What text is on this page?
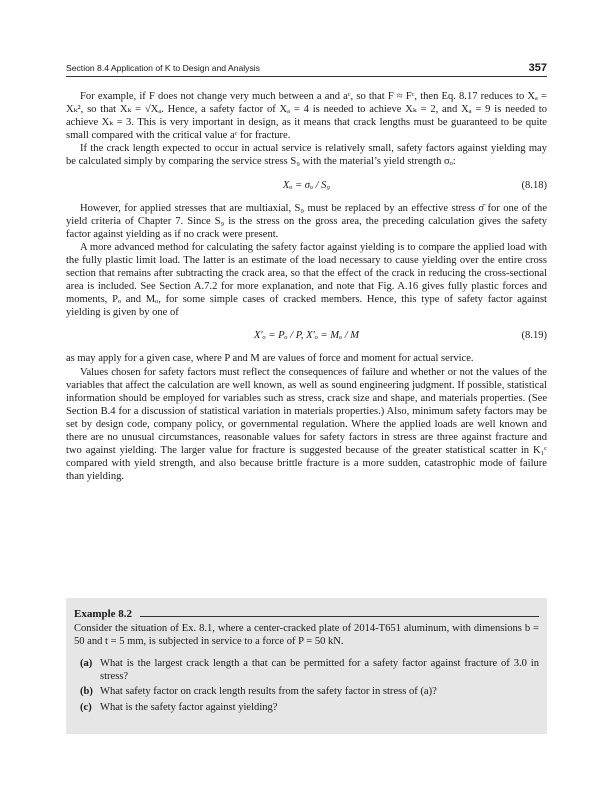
Section 8.4 Application of K to Design and Analysis	357

For example, if F does not change very much between a and aᶜ, so that F ≈ Fᶜ, then Eq. 8.17 reduces to Xₐ = Xₖ², so that Xₖ = √Xₐ. Hence, a safety factor of Xₐ = 4 is needed to achieve Xₖ = 2, and Xₐ = 9 is needed to achieve Xₖ = 3. This is very important in design, as it means that crack lengths must be guaranteed to be quite small compared with the critical value aᶜ for fracture.

If the crack length expected to occur in actual service is relatively small, safety factors against yielding may be calculated simply by comparing the service stress S₉ with the material’s yield strength σₒ:

Xₒ = σₒ / S₉	(8.18)

However, for applied stresses that are multiaxial, S₉ must be replaced by an effective stress σ̄ for one of the yield criteria of Chapter 7. Since S₉ is the stress on the gross area, the preceding calculation gives the safety factor against yielding as if no crack were present.

A more advanced method for calculating the safety factor against yielding is to compare the applied load with the fully plastic limit load. The latter is an estimate of the load necessary to cause yielding over the entire cross section that remains after subtracting the crack area, so that the effect of the crack in reducing the cross-sectional area is included. See Section A.7.2 for more explanation, and note that Fig. A.16 gives fully plastic forces and moments, Pₒ and Mₒ, for some simple cases of cracked members. Hence, this type of safety factor against yielding is given by one of

X′ₒ = Pₒ / P, X′ₒ = Mₒ / M	(8.19)

as may apply for a given case, where P and M are values of force and moment for actual service.

Values chosen for safety factors must reflect the consequences of failure and whether or not the values of the variables that affect the calculation are well known, as well as sound engineering judgment. If possible, statistical information should be employed for variables such as stress, crack size and shape, and materials properties. (See Section B.4 for a discussion of statistical variation in materials properties.) Also, minimum safety factors may be set by design code, company policy, or governmental regulation. Where the applied loads are well known and there are no unusual circumstances, reasonable values for safety factors in stress are three against fracture and two against yielding. The larger value for fracture is suggested because of the greater statistical scatter in K₁ᶜ compared with yield strength, and also because brittle fracture is a more sudden, catastrophic mode of failure than yielding.

Example 8.2
Consider the situation of Ex. 8.1, where a center-cracked plate of 2014-T651 aluminum, with dimensions b = 50 and t = 5 mm, is subjected in service to a force of P = 50 kN.
(a) What is the largest crack length a that can be permitted for a safety factor against fracture of 3.0 in stress?
(b) What safety factor on crack length results from the safety factor in stress of (a)?
(c) What is the safety factor against yielding?
